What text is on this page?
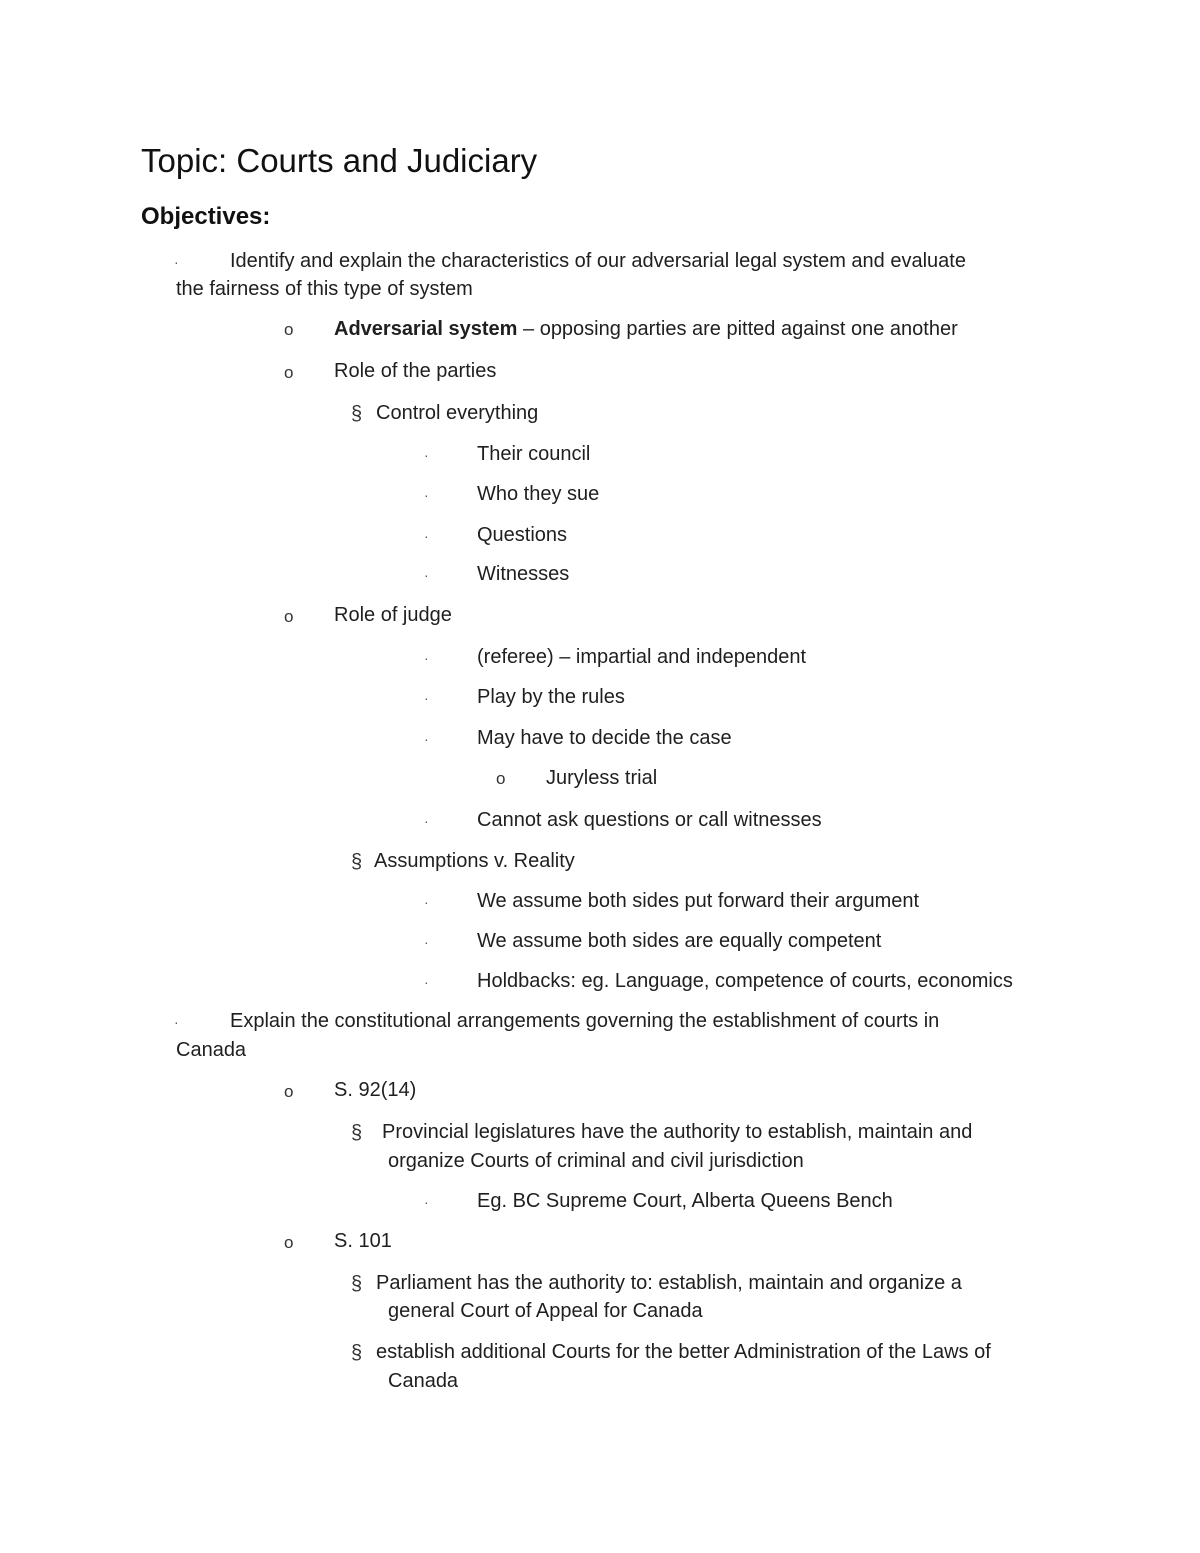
Topic: Courts and Judiciary
Objectives:
·	Identify and explain the characteristics of our adversarial legal system and evaluate
the fairness of this type of system
o Adversarial system – opposing parties are pitted against one another
o Role of the parties
§ Control everything
· Their council
· Who they sue
· Questions
· Witnesses
o Role of judge
· (referee) – impartial and independent
· Play by the rules
· May have to decide the case
o Juryless trial
· Cannot ask questions or call witnesses
§ Assumptions v. Reality
· We assume both sides put forward their argument
· We assume both sides are equally competent
· Holdbacks: eg. Language, competence of courts, economics
·	Explain the constitutional arrangements governing the establishment of courts in
Canada
o S. 92(14)
§ Provincial legislatures have the authority to establish, maintain and
organize Courts of criminal and civil jurisdiction
· Eg. BC Supreme Court, Alberta Queens Bench
o S. 101
§ Parliament has the authority to: establish, maintain and organize a
general Court of Appeal for Canada
§ establish additional Courts for the better Administration of the Laws of
Canada
